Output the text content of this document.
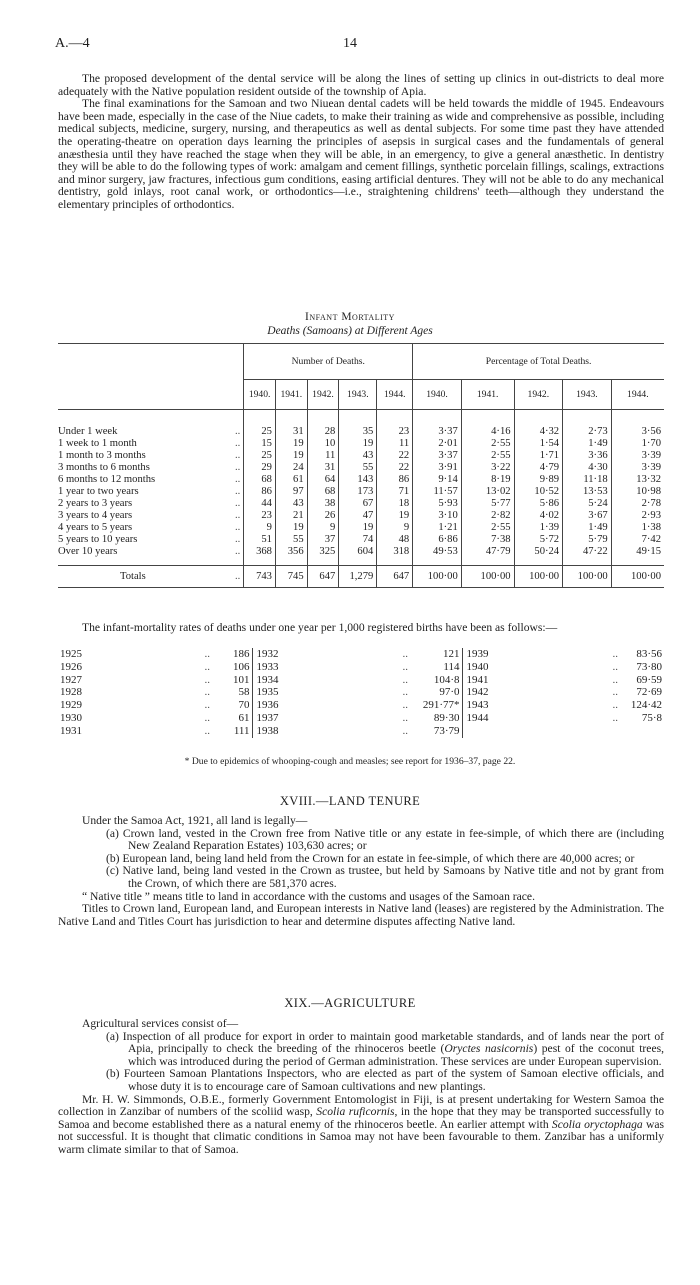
A.—4	14

The proposed development of the dental service will be along the lines of setting up clinics in out-districts to deal more adequately with the Native population resident outside of the township of Apia.

The final examinations for the Samoan and two Niuean dental cadets will be held towards the middle of 1945. Endeavours have been made, especially in the case of the Niue cadets, to make their training as wide and comprehensive as possible, including medical subjects, medicine, surgery, nursing, and therapeutics as well as dental subjects. For some time past they have attended the operating-theatre on operation days learning the principles of asepsis in surgical cases and the fundamentals of general anæsthesia until they have reached the stage when they will be able, in an emergency, to give a general anæsthetic. In dentistry they will be able to do the following types of work: amalgam and cement fillings, synthetic porcelain fillings, scalings, extractions and minor surgery, jaw fractures, infectious gum conditions, easing artificial dentures. They will not be able to do any mechanical dentistry, gold inlays, root canal work, or orthodontics—i.e., straightening childrens' teeth—although they understand the elementary principles of orthodontics.

Infant Mortality
Deaths (Samoans) at Different Ages
		Number of Deaths.					Percentage of Total Deaths.				
		1940.	1941.	1942.	1943.	1944.	1940.	1941.	1942.	1943.	1944.

Under 1 week	..	25	31	28	35	23	3·37	4·16	4·32	2·73	3·56
1 week to 1 month	..	15	19	10	19	11	2·01	2·55	1·54	1·49	1·70
1 month to 3 months	..	25	19	11	43	22	3·37	2·55	1·71	3·36	3·39
3 months to 6 months	..	29	24	31	55	22	3·91	3·22	4·79	4·30	3·39
6 months to 12 months	..	68	61	64	143	86	9·14	8·19	9·89	11·18	13·32
1 year to two years	..	86	97	68	173	71	11·57	13·02	10·52	13·53	10·98
2 years to 3 years	..	44	43	38	67	18	5·93	5·77	5·86	5·24	2·78
3 years to 4 years	..	23	21	26	47	19	3·10	2·82	4·02	3·67	2·93
4 years to 5 years	..	9	19	9	19	9	1·21	2·55	1·39	1·49	1·38
5 years to 10 years	..	51	55	37	74	48	6·86	7·38	5·72	5·79	7·42
Over 10 years	..	368	356	325	604	318	49·53	47·79	50·24	47·22	49·15

Totals	..	743	745	647	1,279	647	100·00	100·00	100·00	100·00	100·00

The infant-mortality rates of deaths under one year per 1,000 registered births have been as follows:—

1925	..	186	1932	..	121	1939	..	83·56
1926	..	106	1933	..	114	1940	..	73·80
1927	..	101	1934	..	104·8	1941	..	69·59
1928	..	58	1935	..	97·0	1942	..	72·69
1929	..	70	1936	..	291·77*	1943	..	124·42
1930	..	61	1937	..	89·30	1944	..	75·8
1931	..	111	1938	..	73·79			
* Due to epidemics of whooping-cough and measles; see report for 1936–37, page 22.
XVIII.—LAND TENURE

Under the Samoa Act, 1921, all land is legally—

(a) Crown land, vested in the Crown free from Native title or any estate in fee-simple, of which there are (including New Zealand Reparation Estates) 103,630 acres; or

(b) European land, being land held from the Crown for an estate in fee-simple, of which there are 40,000 acres; or

(c) Native land, being land vested in the Crown as trustee, but held by Samoans by Native title and not by grant from the Crown, of which there are 581,370 acres.

“ Native title ” means title to land in accordance with the customs and usages of the Samoan race.

Titles to Crown land, European land, and European interests in Native land (leases) are registered by the Administration. The Native Land and Titles Court has jurisdiction to hear and determine disputes affecting Native land.

XIX.—AGRICULTURE

Agricultural services consist of—

(a) Inspection of all produce for export in order to maintain good marketable standards, and of lands near the port of Apia, principally to check the breeding of the rhinoceros beetle (Oryctes nasicornis) pest of the coconut trees, which was introduced during the period of German administration. These services are under European supervision.

(b) Fourteen Samoan Plantations Inspectors, who are elected as part of the system of Samoan elective officials, and whose duty it is to encourage care of Samoan cultivations and new plantings.

Mr. H. W. Simmonds, O.B.E., formerly Government Entomologist in Fiji, is at present undertaking for Western Samoa the collection in Zanzibar of numbers of the scoliid wasp, Scolia ruficornis, in the hope that they may be transported successfully to Samoa and become established there as a natural enemy of the rhinoceros beetle. An earlier attempt with Scolia oryctophaga was not successful. It is thought that climatic conditions in Samoa may not have been favourable to them. Zanzibar has a uniformly warm climate similar to that of Samoa.
